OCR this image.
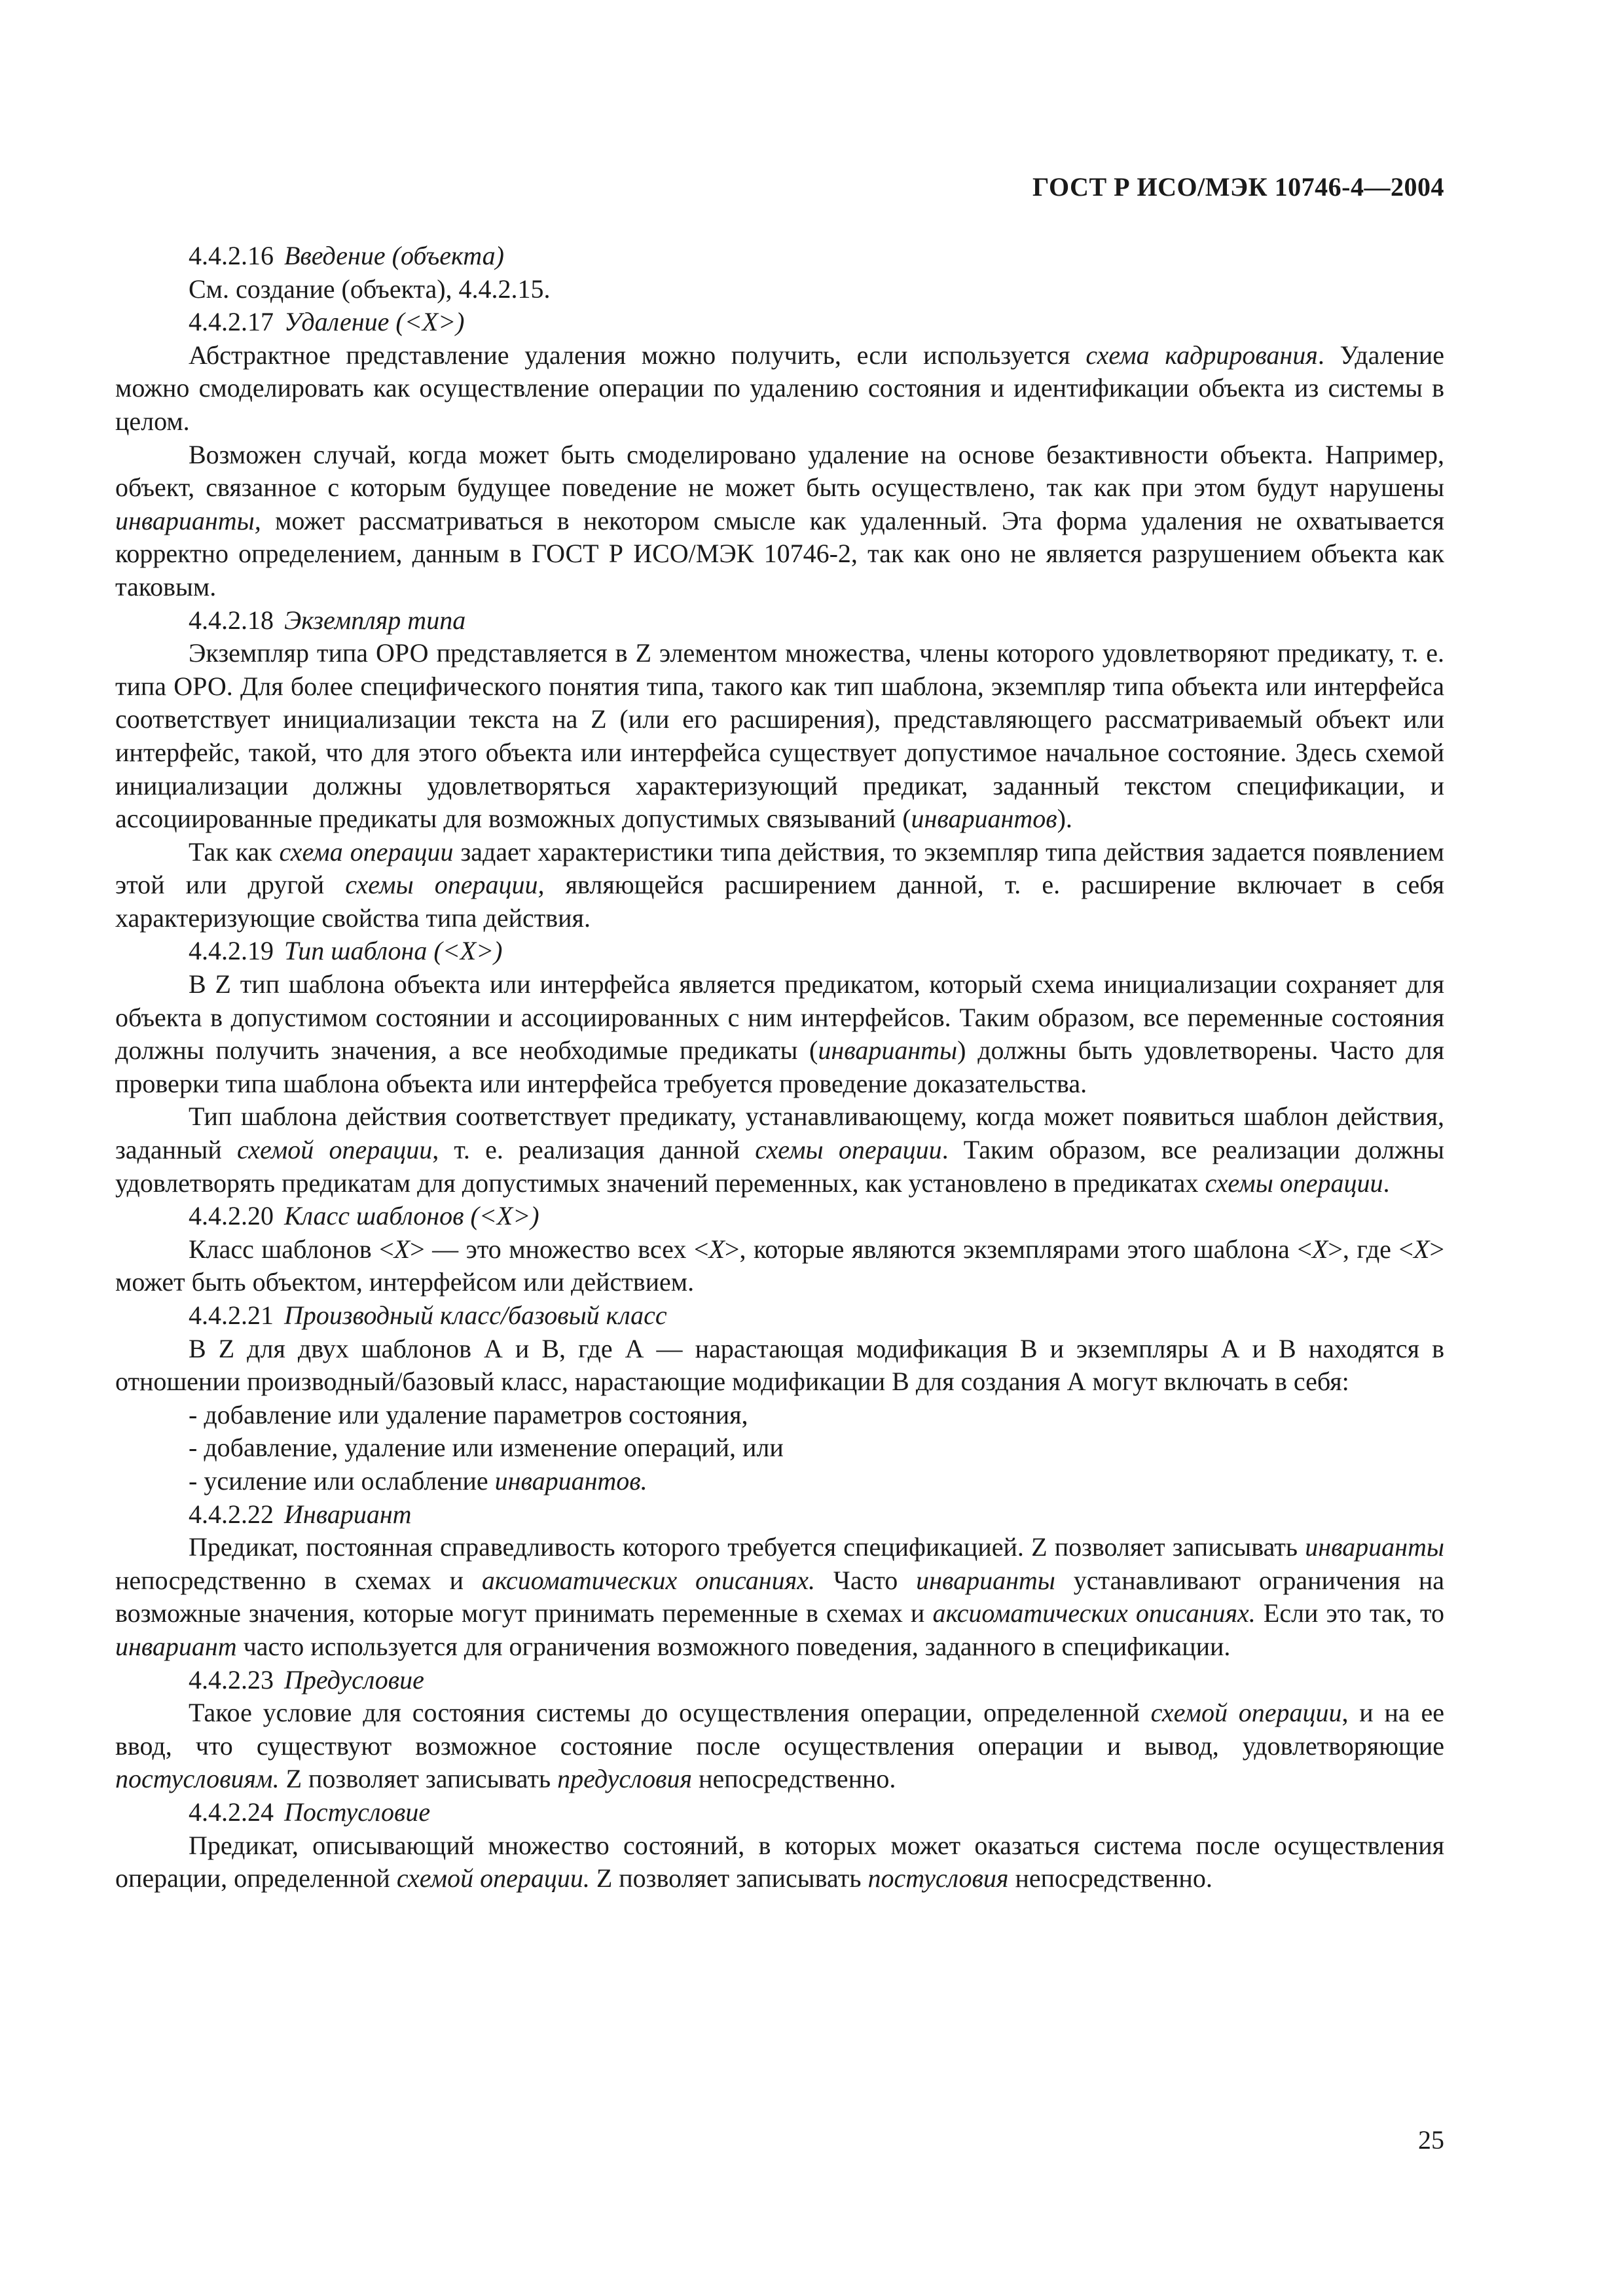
ГОСТ Р ИСО/МЭК 10746-4—2004

4.4.2.16 Введение (объекта)

См. создание (объекта), 4.4.2.15.

4.4.2.17 Удаление (<X>)

Абстрактное представление удаления можно получить, если используется схема кадрирования. Удаление можно смоделировать как осуществление операции по удалению состояния и идентификации объекта из системы в целом.

Возможен случай, когда может быть смоделировано удаление на основе безактивности объекта. Например, объект, связанное с которым будущее поведение не может быть осуществлено, так как при этом будут нарушены инварианты, может рассматриваться в некотором смысле как удаленный. Эта форма удаления не охватывается корректно определением, данным в ГОСТ Р ИСО/МЭК 10746-2, так как оно не является разрушением объекта как таковым.

4.4.2.18 Экземпляр типа

Экземпляр типа ОРО представляется в Z элементом множества, члены которого удовлетворяют предикату, т. е. типа ОРО. Для более специфического понятия типа, такого как тип шаблона, экземпляр типа объекта или интерфейса соответствует инициализации текста на Z (или его расширения), представляющего рассматриваемый объект или интерфейс, такой, что для этого объекта или интерфейса существует допустимое начальное состояние. Здесь схемой инициализации должны удовлетворяться характеризующий предикат, заданный текстом спецификации, и ассоциированные предикаты для возможных допустимых связываний (инвариантов).

Так как схема операции задает характеристики типа действия, то экземпляр типа действия задается появлением этой или другой схемы операции, являющейся расширением данной, т. е. расширение включает в себя характеризующие свойства типа действия.

4.4.2.19 Тип шаблона (<X>)

В Z тип шаблона объекта или интерфейса является предикатом, который схема инициализации сохраняет для объекта в допустимом состоянии и ассоциированных с ним интерфейсов. Таким образом, все переменные состояния должны получить значения, а все необходимые предикаты (инварианты) должны быть удовлетворены. Часто для проверки типа шаблона объекта или интерфейса требуется проведение доказательства.

Тип шаблона действия соответствует предикату, устанавливающему, когда может появиться шаблон действия, заданный схемой операции, т. е. реализация данной схемы операции. Таким образом, все реализации должны удовлетворять предикатам для допустимых значений переменных, как установлено в предикатах схемы операции.

4.4.2.20 Класс шаблонов (<X>)

Класс шаблонов <X> — это множество всех <X>, которые являются экземплярами этого шаблона <X>, где <X> может быть объектом, интерфейсом или действием.

4.4.2.21 Производный класс/базовый класс

В Z для двух шаблонов А и В, где А — нарастающая модификация В и экземпляры А и В находятся в отношении производный/базовый класс, нарастающие модификации В для создания А могут включать в себя:

- добавление или удаление параметров состояния,

- добавление, удаление или изменение операций, или

- усиление или ослабление инвариантов.

4.4.2.22 Инвариант

Предикат, постоянная справедливость которого требуется спецификацией. Z позволяет записывать инварианты непосредственно в схемах и аксиоматических описаниях. Часто инварианты устанавливают ограничения на возможные значения, которые могут принимать переменные в схемах и аксиоматических описаниях. Если это так, то инвариант часто используется для ограничения возможного поведения, заданного в спецификации.

4.4.2.23 Предусловие

Такое условие для состояния системы до осуществления операции, определенной схемой операции, и на ее ввод, что существуют возможное состояние после осуществления операции и вывод, удовлетворяющие постусловиям. Z позволяет записывать предусловия непосредственно.

4.4.2.24 Постусловие

Предикат, описывающий множество состояний, в которых может оказаться система после осуществления операции, определенной схемой операции. Z позволяет записывать постусловия непосредственно.

25
